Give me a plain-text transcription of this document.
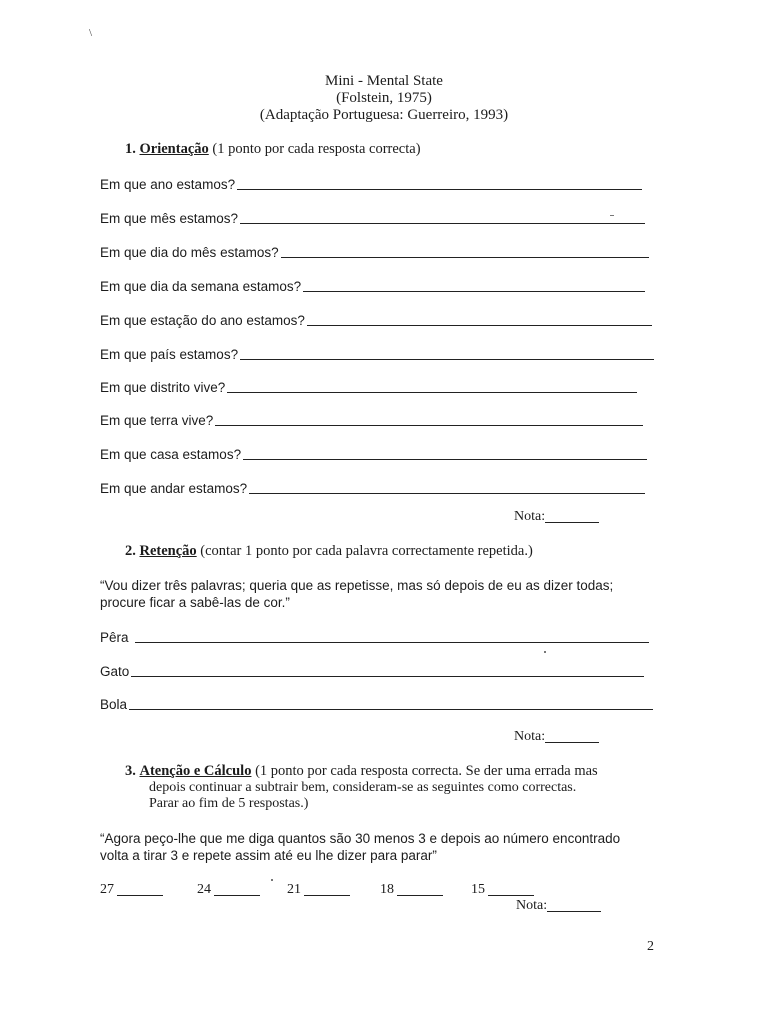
\
Mini - Mental State
(Folstein, 1975)
(Adaptação Portuguesa: Guerreiro, 1993)
1. Orientação (1 ponto por cada resposta correcta)
Em que ano estamos?
Em que mês estamos?
Em que dia do mês estamos?
Em que dia da semana estamos?
Em que estação do ano estamos?
Em que país estamos?
Em que distrito vive?
Em que terra vive?
Em que casa estamos?
Em que andar estamos?
Nota:
2. Retenção (contar 1 ponto por cada palavra correctamente repetida.)
“Vou dizer três palavras; queria que as repetisse, mas só depois de eu as dizer todas;
procure ficar a sabê-las de cor.”
Pêra
Gato
Bola
Nota:
3. Atenção e Cálculo (1 ponto por cada resposta correcta. Se der uma errada mas
depois continuar a subtrair bem, consideram-se as seguintes como correctas.
Parar ao fim de 5 respostas.)
“Agora peço-lhe que me diga quantos são 30 menos 3 e depois ao número encontrado
volta a tirar 3 e repete assim até eu lhe dizer para parar”
27	24	21	18	15
Nota:
2
